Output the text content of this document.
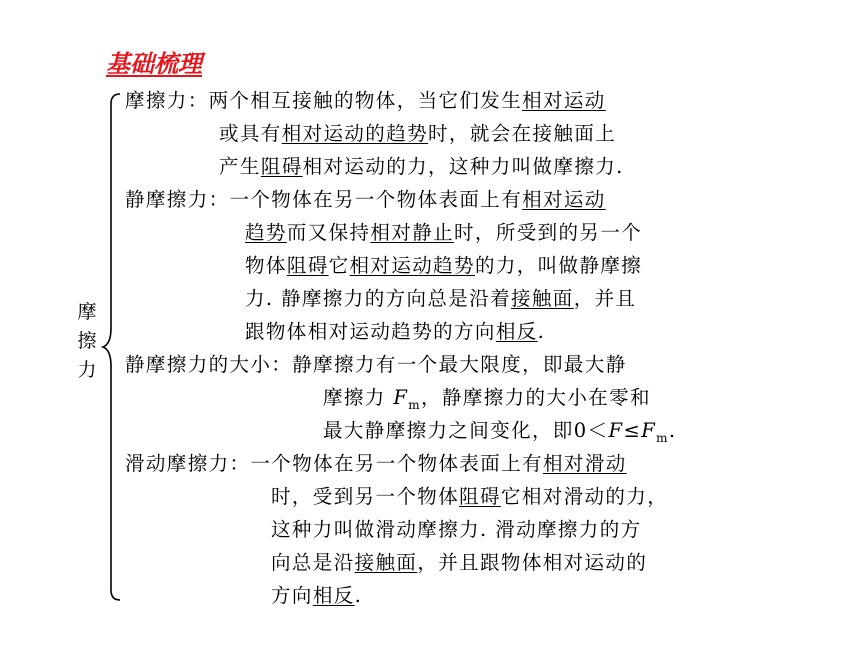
基础梳理
摩
擦
力
摩擦力：两个相互接触的物体，当它们发生相对运动
或具有相对运动的趋势时，就会在接触面上
产生阻碍相对运动的力，这种力叫做摩擦力.
静摩擦力：一个物体在另一个物体表面上有相对运动
趋势而又保持相对静止时，所受到的另一个
物体阻碍它相对运动趋势的力，叫做静摩擦
力. 静摩擦力的方向总是沿着接触面，并且
跟物体相对运动趋势的方向相反.
静摩擦力的大小：静摩擦力有一个最大限度，即最大静
摩擦力 $F_m$，静摩擦力的大小在零和
最大静摩擦力之间变化，即$0<F\le F_m$.
滑动摩擦力：一个物体在另一个物体表面上有相对滑动
时，受到另一个物体阻碍它相对滑动的力，
这种力叫做滑动摩擦力. 滑动摩擦力的方
向总是沿接触面，并且跟物体相对运动的
方向相反.
